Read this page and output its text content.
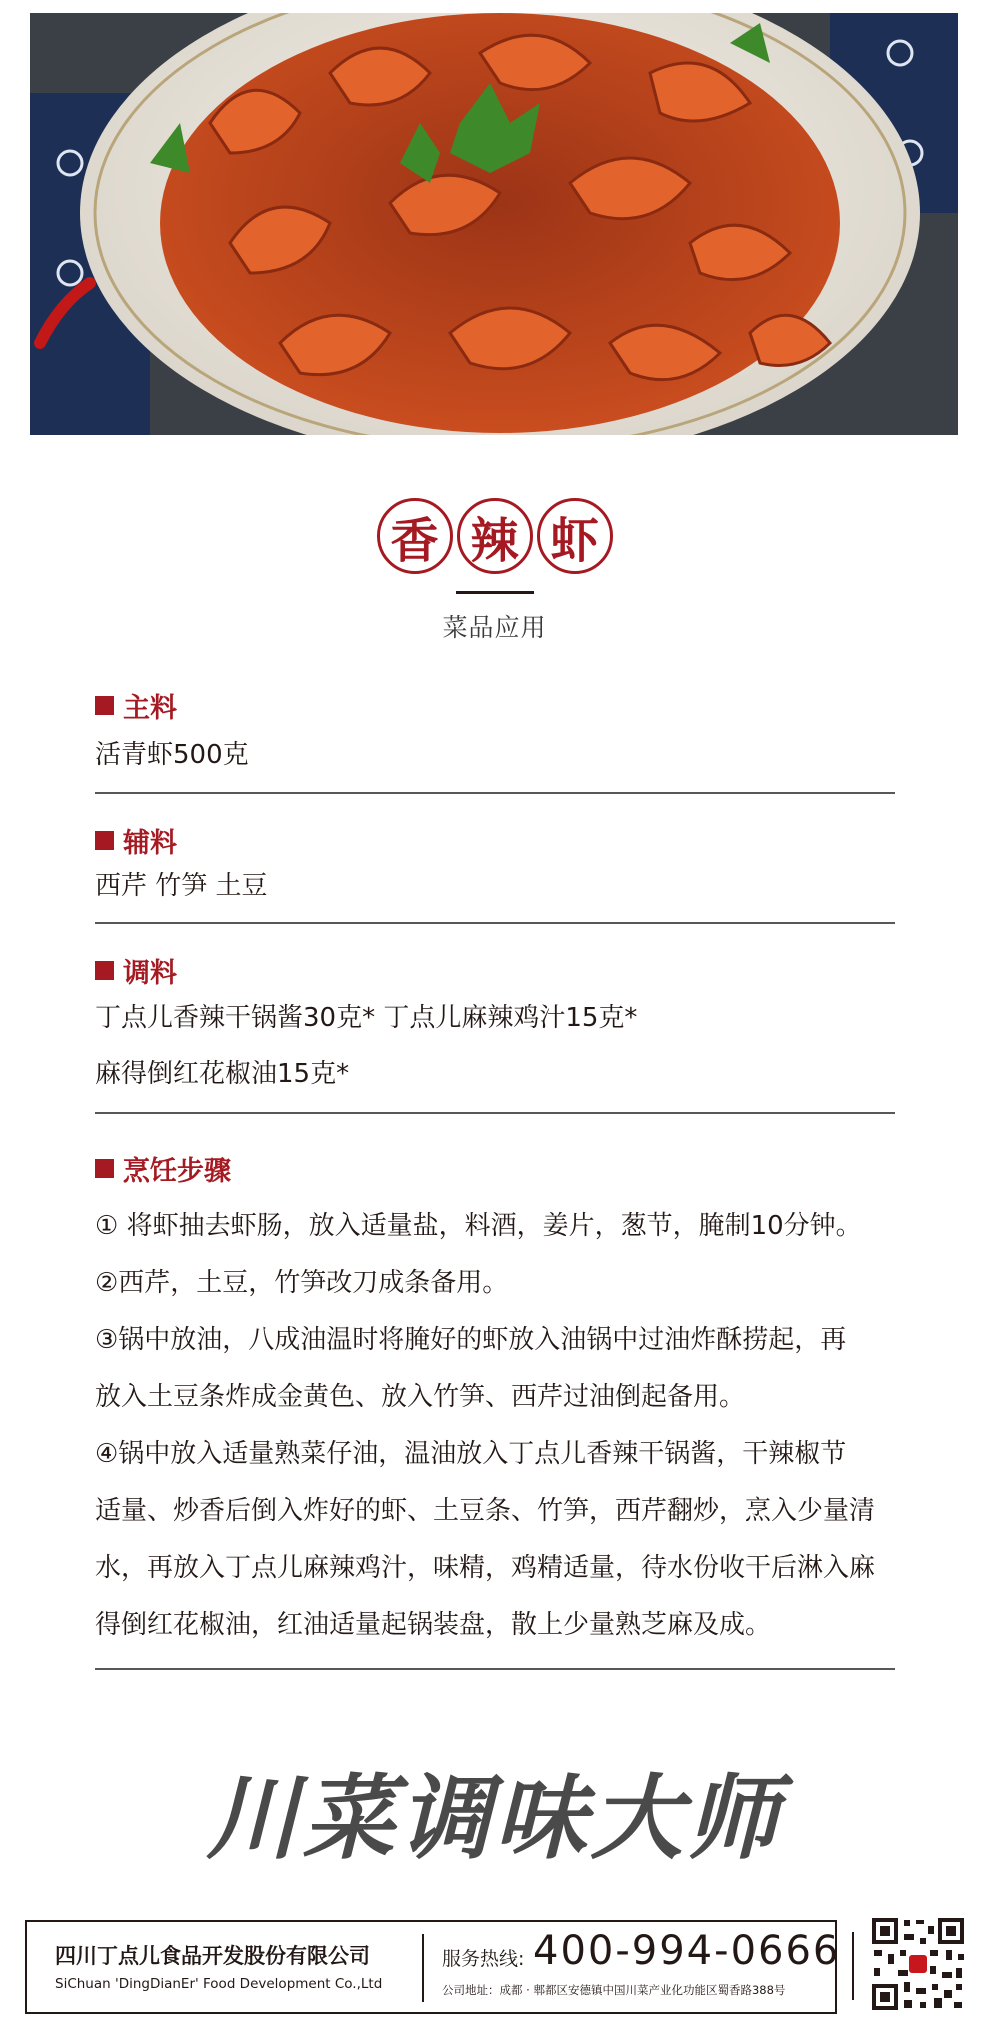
香 辣 虾
菜品应用
主料
活青虾500克
辅料
西芹 竹笋 土豆
调料
丁点儿香辣干锅酱30克* 丁点儿麻辣鸡汁15克*
麻得倒红花椒油15克*
烹饪步骤
① 将虾抽去虾肠，放入适量盐，料酒，姜片，葱节，腌制10分钟。
②西芹，土豆，竹笋改刀成条备用。
③锅中放油，八成油温时将腌好的虾放入油锅中过油炸酥捞起，再
放入土豆条炸成金黄色、放入竹笋、西芹过油倒起备用。
④锅中放入适量熟菜仔油，温油放入丁点儿香辣干锅酱，干辣椒节
适量、炒香后倒入炸好的虾、土豆条、竹笋，西芹翻炒，烹入少量清
水，再放入丁点儿麻辣鸡汁，味精，鸡精适量，待水份收干后淋入麻
得倒红花椒油，红油适量起锅装盘，散上少量熟芝麻及成。
川菜调味大师
四川丁点儿食品开发股份有限公司
SiChuan 'DingDianEr' Food Development Co.,Ltd
服务热线: 400-994-0666
公司地址：成都 · 郫都区安德镇中国川菜产业化功能区蜀香路388号
